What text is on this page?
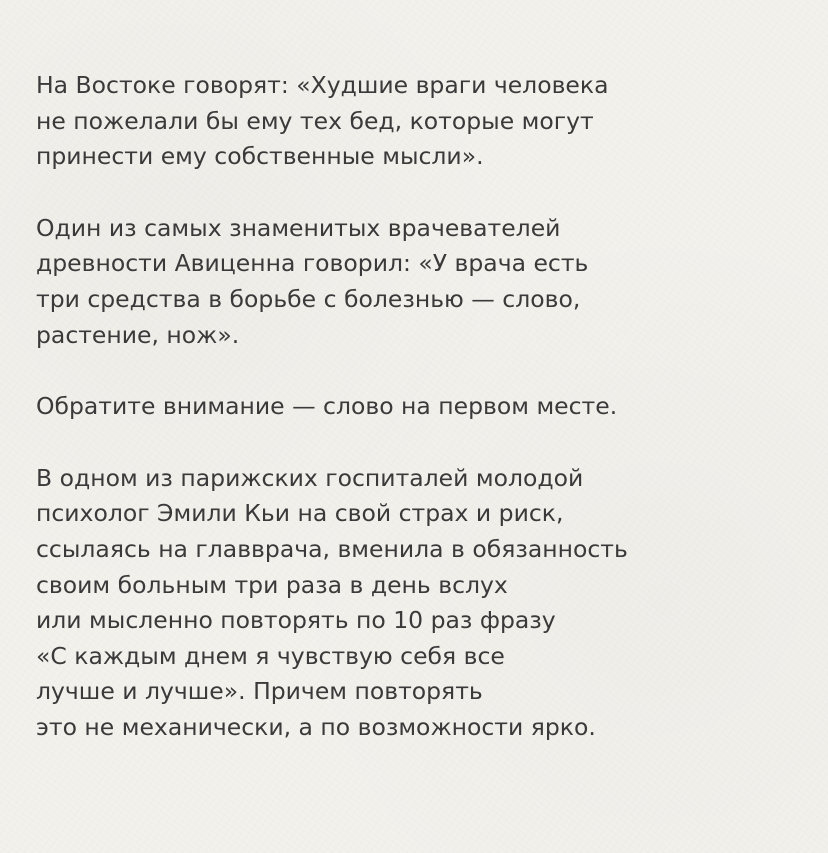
На Востоке говорят: «Худшие враги человека
не пожелали бы ему тех бед, которые могут
принести ему собственные мысли».

Один из самых знаменитых врачевателей
древности Авиценна говорил: «У врача есть
три средства в борьбе с болезнью — слово,
растение, нож».

Обратите внимание — слово на первом месте.

В одном из парижских госпиталей молодой
психолог Эмили Кьи на свой страх и риск,
ссылаясь на главврача, вменила в обязанность
своим больным три раза в день вслух
или мысленно повторять по 10 раз фразу
«С каждым днем я чувствую себя все
лучше и лучше». Причем повторять
это не механически, а по возможности ярко.
